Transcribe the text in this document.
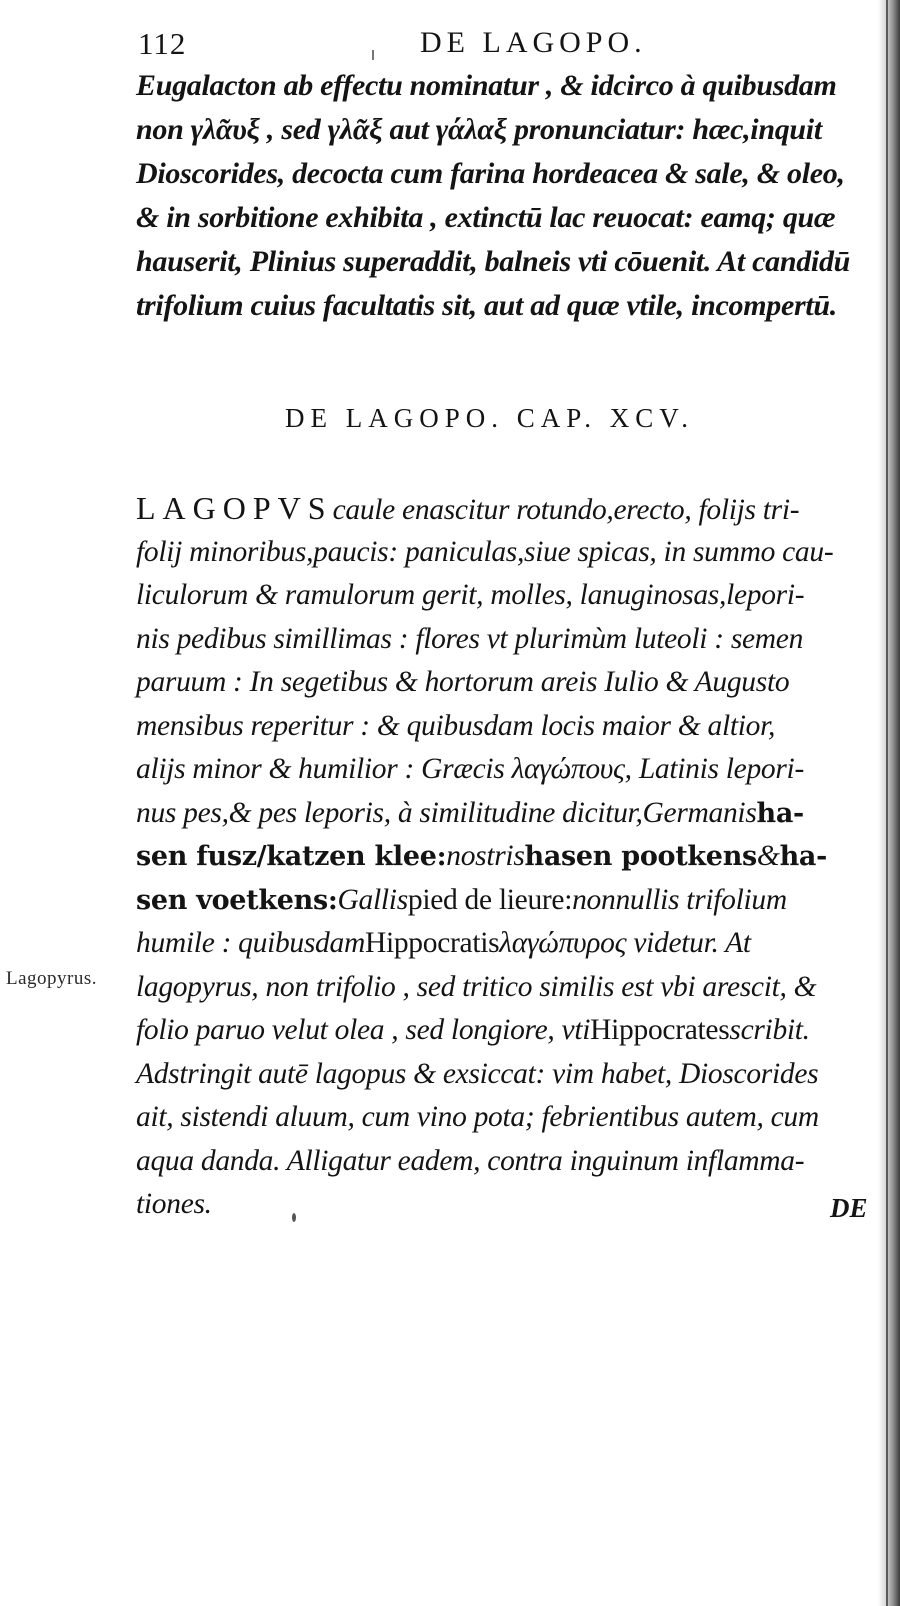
112	DE LAGOPO.
Eugalacton ab effectu nominatur , & idcirco à quibusdam
non γλᾶυξ , sed γλᾶξ aut γάλαξ pronunciatur: hæc,inquit
Dioscorides, decocta cum farina hordeacea & sale, & oleo,
& in sorbitione exhibita , extinctū lac reuocat: eamq; quæ
hauserit, Plinius superaddit, balneis vti cōuenit. At candidū
trifolium cuius facultatis sit, aut ad quæ vtile, incompertū.
DE LAGOPO. CAP. XCV.
LAGOPVScaule enascitur rotundo,erecto, folijs tri-
folij minoribus,paucis: paniculas,siue spicas, in summo cau-
liculorum & ramulorum gerit, molles, lanuginosas,lepori-
nis pedibus simillimas : flores vt plurimùm luteoli : semen
paruum : In segetibus & hortorum areis Iulio & Augusto
mensibus reperitur : & quibusdam locis maior & altior,
alijs minor & humilior : Græcis λαγώπους, Latinis lepori-
nus pes,& pes leporis, à similitudine dicitur,Germanisha-
sen fusz/katzen klee:nostrishasen pootkens&ha-
sen voetkens:Gallispied de lieure:nonnullis trifolium
humile : quibusdamHippocratisλαγώπυρος videtur. At
lagopyrus, non trifolio , sed tritico similis est vbi arescit, &
folio paruo velut olea , sed longiore, vtiHippocratesscribit.
Adstringit autē lagopus & exsiccat: vim habet, Dioscorides
ait, sistendi aluum, cum vino pota; febrientibus autem, cum
aqua danda. Alligatur eadem, contra inguinum inflamma-
tiones.
Lagopyrus.
DE
